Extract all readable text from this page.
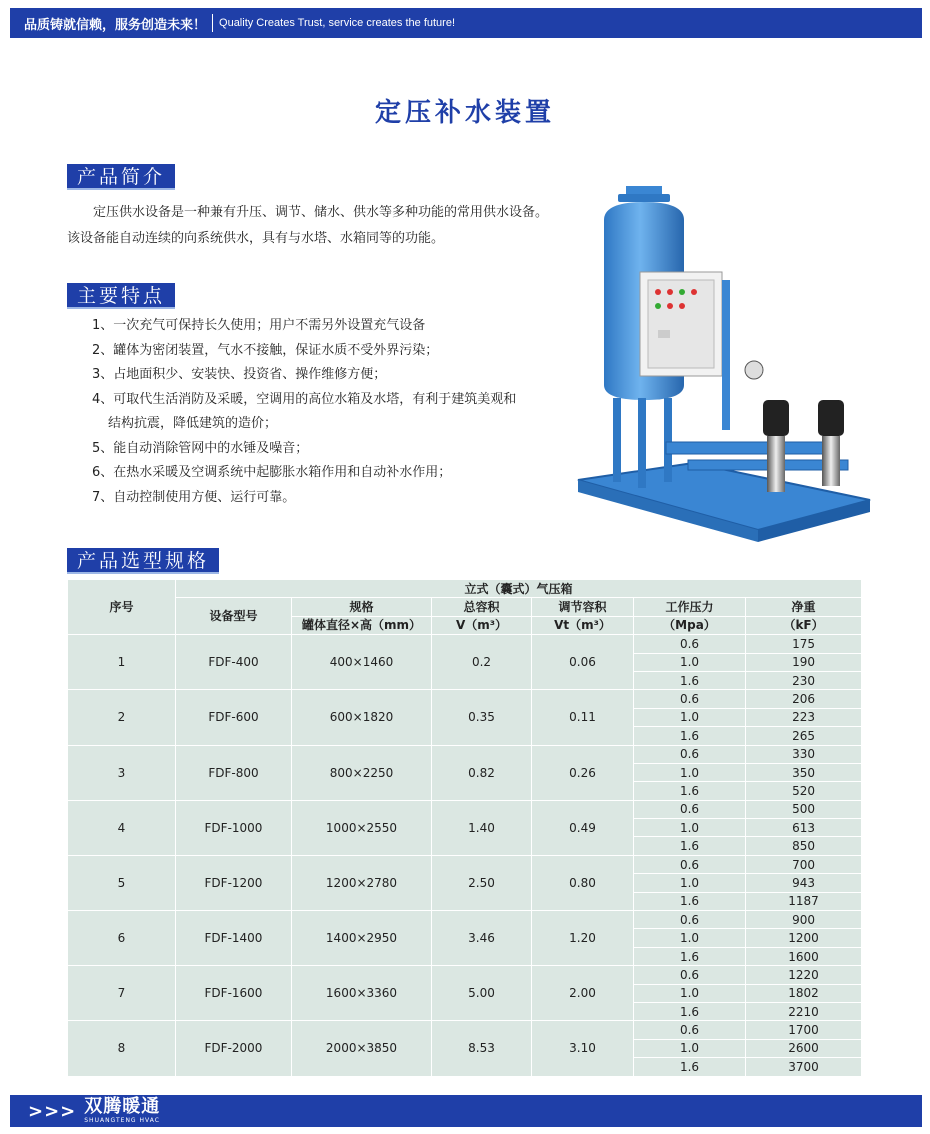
品质铸就信赖，服务创造未来！ Quality Creates Trust, service creates the future!
定压补水装置
产品简介

定压供水设备是一种兼有升压、调节、储水、供水等多种功能的常用供水设备。该设备能自动连续的向系统供水，具有与水塔、水箱同等的功能。

主要特点
1、一次充气可保持长久使用；用户不需另外设置充气设备
2、罐体为密闭装置，气水不接触，保证水质不受外界污染；
3、占地面积少、安装快、投资省、操作维修方便；
4、可取代生活消防及采暖，空调用的高位水箱及水塔，有利于建筑美观和
结构抗震，降低建筑的造价；
5、能自动消除管网中的水锤及噪音；
6、在热水采暖及空调系统中起膨胀水箱作用和自动补水作用；
7、自动控制使用方便、运行可靠。
产品选型规格
序号	立式（囊式）气压箱					
	设备型号	规格	总容积	调节容积	工作压力	净重
		罐体直径×高（mm）	V（m³）	Vt（m³）	（Mpa）	（kF）
1	FDF-400	400×1460	0.2	0.06	0.6	175
					1.0	190
					1.6	230
2	FDF-600	600×1820	0.35	0.11	0.6	206
					1.0	223
					1.6	265
3	FDF-800	800×2250	0.82	0.26	0.6	330
					1.0	350
					1.6	520
4	FDF-1000	1000×2550	1.40	0.49	0.6	500
					1.0	613
					1.6	850
5	FDF-1200	1200×2780	2.50	0.80	0.6	700
					1.0	943
					1.6	1187
6	FDF-1400	1400×2950	3.46	1.20	0.6	900
					1.0	1200
					1.6	1600
7	FDF-1600	1600×3360	5.00	2.00	0.6	1220
					1.0	1802
					1.6	2210
8	FDF-2000	2000×3850	8.53	3.10	0.6	1700
					1.0	2600
					1.6	3700
>>> 双腾暖通
SHUANGTENG HVAC
